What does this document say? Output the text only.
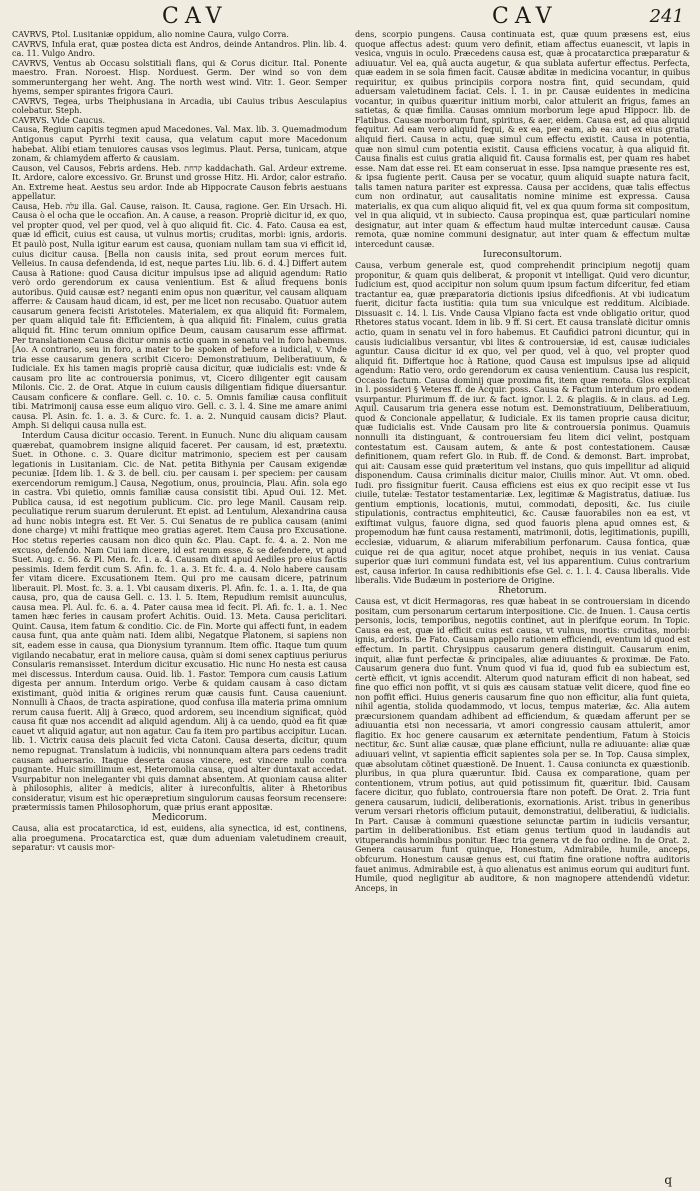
CAV	CAV	241

CAVRVS, Ptol. Lusitaniæ oppidum, alio nomine Caura, vulgo Corra.

CAVRVS, Infula erat, quæ postea dicta est Andros, deinde Antandros. Plin. lib. 4. ca. 11. Vulgo Andro.

CAVRVS, Ventus ab Occasu solstitiali flans, qui & Corus dicitur. Ital. Ponente maestro. Fran. Noroest. Hisp. Norduest. Germ. Der wind so von dem sommeruntergang her weht. Ang. The north west wind. Vitr. 1. Geor. Semper hyems, semper spirantes frigora Cauri.

CAVRVS, Tegea, urbs Theiphusiana in Arcadia, ubi Cauius tribus Aesculapius colebatur. Steph.

CAVRVS. Vide Caucus.

Causa, Regium capitis tegmen apud Macedones. Val. Max. lib. 3. Quemadmodum Antigonus caput Pyrrhi texit causa, qua velatum caput more Macedonum habebat. Alibi etiam tenuiores causas vsos legimus. Plaut. Persa, tunicam, atque zonam, & chiamydem afferto & causiam.

Causon, vel Causos, Febris ardens. Heb. קדחת kaddachath. Gal. Ardeur extreme. It. Ardore, calore excessivo. Gr. Brunst und grosse Hitz. Hi. Ardor, calor estraño. An. Extreme heat. Aestus seu ardor. Inde ab Hippocrate Causon febris aestuans appellatur.

Causa, Heb. עלה illa. Gal. Cause, raison. It. Causa, ragione. Ger. Ein Ursach. Hi. Causa ò el ocha que le occafion. An. A cause, a reason. Propriè dicitur id, ex quo, vel propter quod, vel per quod, vel à quo aliquid fit. Cic. 4. Fato. Causa ea est, quæ id efficit, cuius est causa, ut vulnus mortis; cruditas, morbi: ignis, ardoris. Et paulò post, Nulla igitur earum est causa, quoniam nullam tam sua vi efficit id, cuius dicitur causa. [Bella non causis inita, sed prout eorum merces fuit. Velleius. In causa defendenda, id est, neque partes Liu. lib. 6. d. 4.] Differt autem Causa à Ratione: quod Causa dicitur impulsus ipse ad aliquid agendum: Ratio verò ordo gerendorum ex causa venientium. Est & aliud frequens bonis autoribus. Quid causæ est? neganti enim opus non quæritur, vel causam aliquam afferre: & Causam haud dicam, id est, per me licet non recusabo. Quatuor autem causarum genera fecisti Aristoteles. Materialem, ex qua aliquid fit: Formalem, per quam aliquid tale fit: Efficientem, à qua aliquid fit: Finalem, cuius gratia aliquid fit. Hinc terum omnium opifice Deum, causam causarum esse affirmat. Per translationem Causa dicitur omnis actio quam in senatu vel in foro habemus. [Ao. A contrario, seu in foro, a mater to be spoken of before a iudicial, v. Vnde tria esse causarum genera scribit Cicero: Demonstratiuum, Deliberatiuum, & Iudiciale. Ex his tamen magis propriè causa dicitur, quæ iudicialis est: vnde & causam pro lite ac controuersia ponimus, vt, Cicero diligenter egit causam Milonis. Cic. 2. de Orat. Atque in cuium causis diligentiam fidique diuersantur. Causam conficere & conflare. Gell. c. 10. c. 5. Omnis familiæ causa conflituit tibi. Matrimonij causa esse eum aliquo viro. Gell. c. 3. l. 4. Sine me amare animi causa. Pl. Asin. fc. 1. a. 3. & Curc. fc. 1. a. 2. Nunquid causam dicis? Plaut. Amph. Si deliqui causa nulla est.

Interdum Causa dicitur occasio. Terent. in Eunuch. Nunc diu aliquam causam quærebat, quamobrem insigne aliquid faceret. Per causam, id est, prætextu. Suet. in Othone. c. 3. Quare dicitur matrimonio, speciem est per causam legationis in Lusitaniam. Cic. de Nat. petita Bithynia per Causam exigendæ pecuniæ. [Idem lib. 1. & 3. de bell. ciu. per causam i. per speciem: per causam exercendorum remigum.] Causa, Negotium, onus, prouincia, Plau. Afin. sola ego in castra. Vbi quietio, omnis familiæ causa consistit tibi. Apud Oui. 12. Met. Publica causa, id est negotium publicum. Cic. pro lege Manil. Causam reip. peculiatique rerum suarum derulerunt. Et epist. ad Lentulum, Alexandrina causa ad hunc nobis integra est. Et Ver. 5. Cui Senatus de re publica causam (animi done charge) vt mihi frattique meo gratias ageret. Item Causa pro Excusatione. Hoc stetus reperies causam non dico quin &c. Plau. Capt. fc. 4. a. 2. Non me excuso, defendo. Nam Cui iam dicere, id est reum esse, & se defendere, vt apud Suet. Aug. c. 56. & Pl. Men. fc. 1. a. 4. Causam dixit apud Aediles pro eius factis pessimis. Idem ferdit cum S. Afin. fc. 1. a. 3. Et fc. 4. a. 4. Nolo habere causam fer vitam dicere. Excusationem Item. Qui pro me causam dicere, patrinum liberauit. Pl. Most. fc. 3. a. 1. Vbi causam dixeris. Pl. Afin. fc. 1. a. 1. Ita, de qua causa, pro, qua de causa Gell. c. 13. l. 5. Item, Repudium remisit auunculus, causa mea. Pl. Aul. fc. 6. a. 4. Pater causa mea id fecit. Pl. Afi. fc. 1. a. 1. Nec tamen hæc feries in causam profert Achitis. Ouid. 13. Meta. Causa periclitari. Quint. Causa, item fatum & conditio. Cic. de Fin. Morte qui affecti funt, in eadem causa funt, qua ante quàm nati. Idem alibi, Negatque Platonem, si sapiens non sit, eadem esse in causa, qua Dionysium tyrannum. Item offic. Itaque tum quum vigilando necabatur, erat in meliore causa, quàm si domi senex captiuus periurus Consularis remansisset. Interdum dicitur excusatio. Hic nunc Ho nesta est causa mei discessus. Interdum causa. Ouid. lib. 1. Fastor. Tempora cum causis Latium digesta per annum. Interdum origo. Verbe & quidam causam à caso dictam existimant, quòd initia & origines rerum quæ causis funt. Causa caueniunt. Nonnulli à Chaos, de tracta aspiratione, quod confusa illa materia prima omnium rerum causa fuerit. Alij à Græco, quod ardorem, seu incendium significat, quòd causa fit quæ nos accendit ad aliquid agendum. Alij à ca uendo, quòd ea fit quæ cauet vt aliquid agatur, aut non agatur. Cau fa item pro partibus accipitur. Lucan. lib. 1. Victrix causa deis placuit fed victa Catoni. Causa deserta, dicitur, quum nemo repugnat. Translatum à iudiciis, vbi nonnunquam altera pars cedens tradit causam aduersario. Itaque deserta causa vincere, est vincere nullo contra pugnante. Huic simillimum est, Heteromolia causa, quod alter duntaxat accedat. Vsurpabitur non ineleganter vbi quis damnat absentem. At quoniam causa aliter à philosophis, aliter à medicis, aliter à iureconfultis, aliter à Rhetoribus consideratur, visum est hic operæpretium singulorum causas feorsum recensere: prætermissis tamen Philosophorum, quæ prius erant appositæ.

Medicorum.

Causa, alia est procatarctica, id est, euidens, alia synectica, id est, continens, alia proegumena. Procatarctica est, quæ dum adueniam valetudinem creauit, separatur: vt causis mor-

dens, scorpio pungens. Causa continuata est, quæ quum præsens est, eius quoque affectus adest: quum vero definit, etiam affectus euanescit, vt lapis in vesica, vnguis in oculo. Præcedens causa est, quæ à procatarctica præparatur & adiuuatur. Vel ea, quâ aucta augetur, & qua sublata aufertur effectus. Perfecta, quæ eadem in se sola fimen facit. Causæ abditæ in medicina vocantur, in quibus requiritur, ex quibus principiis corpora nostra fint, quid secundam, quid aduersam valetudinem faciat. Cels. l. 1. in pr. Causæ euidentes in medicina vocantur, in quibus quæritur initium morbi, calor attulerit an frigus, fames an satietas, & quæ fimilia. Causas omnium morborum lege apud Hippocr. lib. de Flatibus. Causæ morborum funt, spiritus, & aer, eidem. Causa est, ad qua aliquid fequitur. Ad eam vero aliquid fequi, & ex ea, per eam, ab ea: aut ex eius gratia aliquid fieri. Causa in actu, quæ simul cum effectu existit. Causa in potentia, quæ non simul cum potentia existit. Causa efficiens vocatur, à qua aliquid fit. Causa finalis est cuius gratia aliquid fit. Causa formalis est, per quam res habet esse. Nam dat esse rei. Et eam conseruat in esse. Ipsa namque præsente res est, & ipsa fugiente perit. Causa per se vocatur, quum aliquid suapte natura facit, talis tamen natura pariter est expressa. Causa per accidens, quæ talis effectus cum non ordinatur, aut causalitatis nomine minime est expressa. Causa materialis, ex qua cum aliquo aliquid fit, vel ex qua quum forma sit compositum, vel in qua aliquid, vt in subiecto. Causa propinqua est, quæ particulari nomine designatur, aut inter quam & effectum haud multæ intercedunt causæ. Causa remota, quæ nomine communi designatur, aut inter quam & effectum multæ intercedunt causæ.

Iureconsultorum.

Causa, verbum generale est, quod comprehendit principium negotij quam proponitur, & quam quis deliberat, & proponit vt intelligat. Quid vero dicuntur, Iudicium est, quod accipitur non solum quum ipsum factum difceritur, fed etiam tractantur ea, quæ præparatoria dictionis ipsius difcedfionis. At vbi iudicatum fuerit, dicitur facta iustitia: quia tum sua vniculque est redditum. Alcibiade. Dissuasit c. 14. l. Lis. Vnde Causa Vlpiano facta est vnde obligatio oritur, quod Rhetores status vocant. Idem in lib. 9 ff. Si cert. Et causa translatè dicitur omnis actio, quam in senatu vel in foro habemus. Et Caufidici patroni dicuntur, qui in causis iudicialibus versantur, vbi lites & controuersiæ, id est, causæ iudiciales aguntur. Causa dicitur id ex quo, vel per quod, vel à quo, vel propter quod aliquid fit. Differtque hoc à Ratione, quod Causa est impulsus ipse ad aliquid agendum: Ratio vero, ordo gerendorum ex causa venientium. Causa ius respicit, Occasio factum. Causa dominij quæ proxima fit, item quæ remota. Glos explicat in l. possideri § Veteres ff. de Acquir. poss. Causa & Factum interdum pro eodem vsurpantur. Plurimum ff. de iur. & fact. ignor. l. 2. & plagiis. & in claus. ad Leg. Aquil. Causarum tria genera esse notum est. Demonstratiuum, Deliberatiuum, quod & Concionale appellatur, & Iudiciale. Ex iis tamen proprie causa dicitur, quæ Iudicialis est. Vnde Causam pro lite & controuersia ponimus. Quamuis nonnulli ita distinguant, & controuersiam feu litem dici velint, postquam contestatum est. Causam autem, & ante & post contestationem. Causæ definitionem, quam refert Glo. in Rub. ff. de Cond. & demonst. Bart. improbat, qui ait: Causam esse quid præteritum vel instans, quo quis impellitur ad aliquid disponendum. Causa criminalis dicitur maior, Ciuilis minor. Aut. Vt omn. obed. Iudi. pro fissignitur fuerit. Causa efficiens est eius ex quo recipit esse vt Ius ciuile, tutelæ: Testator testamentariæ. Lex, legitimæ & Magistratus, datiuæ. Ius gentium emptionis, locationis, mutui, commodati, depositi, &c. Ius ciuile stipulationis, contractus emphiteutici, &c. Causæ fauorabiles non ea est, vt exiftimat vulgus, fauore digna, sed quod fauoris plena apud omnes est, & propemodum hæ funt causa restamenti, matrimonii, dotis, legitimationis, pupilli, ecclesiæ, viduarum, & aliarum miferabilium perfonarum. Causa fontica, quæ cuique rei de qua agitur, nocet atque prohibet, nequis in ius veniat. Causa superior quæ iuri communi fundata est, vel ius apparentium. Cuius contrarium est, causa inferior. In causa redhibitionis efse Gel. c. 1. l. 4. Causa liberalis. Vide liberalis. Vide Budæum in posteriore de Origine.

Rhetorum.

Causa est, vt dicit Hermagoras, res quæ habeat in se controuersiam in dicendo positam, cum personarum certarum interpositione. Cic. de Inuen. 1. Causa certis personis, locis, temporibus, negotiis continet, aut in plerifque eorum. In Topic. Causa ea est, quæ id efficit cuius est causa, vt vulnus, mortis: cruditas, morbi: ignis, ardoris. De Fato. Causam appello rationem efficiendi, eventum id quod est effectum. In partit. Chrysippus causarum genera distinguit. Causarum enim, inquit, aliæ funt perfectæ & principales, aliæ adiuuantes & proximæ. De Fato. Causarum genera duo funt. Vnum quod vi fua id, quod fub ea subiectum est, certè efficit, vt ignis accendit. Alterum quod naturam efficit di non habeat, sed fine quo effici non poffit, vt si quis æs causam statuæ velit dicere, quod fine eo non poffit effici. Huius generis causarum fine quo non efficitur, alia funt quieta, nihil agentia, stolida quodammodo, vt locus, tempus materiæ, &c. Alia autem præcursionem quandam adhibent ad efficiendum, & quædam afferunt per se adiuuantia etsi non necessaria, vt amori congressio causam attulerit, amor flagitio. Ex hoc genere causarum ex æternitate pendentium, Fatum à Stoicis nectitur, &c. Sunt aliæ causæ, quæ plane efficiunt, nulla re adiuuante: aliæ quæ adiuuari velint, vt sapientia efficit sapientes sola per se. In Top. Causa simplex, quæ absolutam cõtinet quæstionẽ. De Inuent. 1. Causa coniuncta ex quæstionib. pluribus, in qua plura quæruntur. Ibid. Causa ex comparatione, quam per contentionem, vtrum potius, aut quid potissimum fit, quæritur. Ibid. Causam facere dicitur, quo fublato, controuersia ftare non poteft. De Orat. 2. Tria funt genera causarum, iudicii, deliberationis, exornationis. Arist. tribus in generibus verum versari rhetoris officium putauit, demonstratiui, deliberatiui, & iudicialis. In Part. Causæ à communi quæstione seiunctæ partim in iudiciis versantur, partim in deliberationibus. Est etiam genus tertium quod in laudandis aut vituperandis hominibus ponitur. Hæc tria genera vt de fuo ordine. In de Orat. 2. Genera causarum funt quinque, Honestum, Admirabile, humile, anceps, obfcurum. Honestum causæ genus est, cui ftatim fine oratione noftra auditoris fauet animus. Admirabile est, à quo alienatus est animus eorum qui audituri funt. Humile, quod negligitur ab auditore, & non magnopere attendendū videtur. Anceps, in

q
